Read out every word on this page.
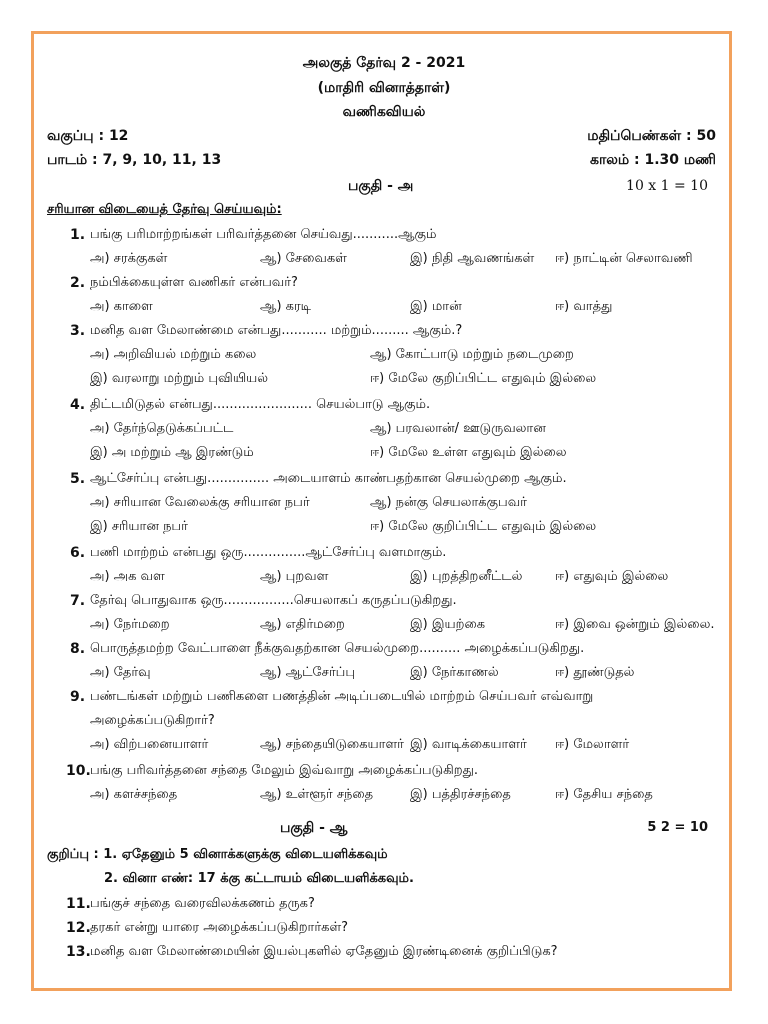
அலகுத் தேர்வு 2 - 2021
(மாதிரி வினாத்தாள்)
வணிகவியல்
வகுப்பு : 12	மதிப்பெண்கள் : 50
பாடம் : 7, 9, 10, 11, 13	காலம் : 1.30 மணி
பகுதி - அ	10 x 1 = 10
சரியான விடையைத் தேர்வு செய்யவும்:
1. பங்கு பரிமாற்றங்கள் பரிவர்த்தனை செய்வது...........ஆகும்
அ) சரக்குகள்	ஆ) சேவைகள்	இ) நிதி ஆவணங்கள் ஈ) நாட்டின் செலாவணி
2. நம்பிக்கையுள்ள வணிகர் என்பவர்?
அ) காளை	ஆ) கரடி	இ) மான்	ஈ) வாத்து
3. மனித வள மேலாண்மை என்பது........... மற்றும்......... ஆகும்.?
அ) அறிவியல் மற்றும் கலை	ஆ) கோட்பாடு மற்றும் நடைமுறை
இ) வரலாறு மற்றும் புவியியல்	ஈ) மேலே குறிப்பிட்ட எதுவும் இல்லை
4. திட்டமிடுதல் என்பது........................ செயல்பாடு ஆகும்.
அ) தேர்ந்தெடுக்கப்பட்ட	ஆ) பரவலான்/ ஊடுருவலான
இ) அ மற்றும் ஆ இரண்டும்	ஈ) மேலே உள்ள எதுவும் இல்லை
5. ஆட்சேர்ப்பு என்பது............... அடையாளம் காண்பதற்கான செயல்முறை ஆகும்.
அ) சரியான வேலைக்கு சரியான நபர்	ஆ) நன்கு செயலாக்குபவர்
இ) சரியான நபர்	ஈ) மேலே குறிப்பிட்ட எதுவும் இல்லை
6. பணி மாற்றம் என்பது ஒரு...............ஆட்சேர்ப்பு வளமாகும்.
அ) அக வள	ஆ) புறவள	இ) புறத்திறனீட்டல்	ஈ) எதுவும் இல்லை
7. தேர்வு பொதுவாக ஒரு.................செயலாகப் கருதப்படுகிறது.
அ) நேர்மறை	ஆ) எதிர்மறை	இ) இயற்கை	ஈ) இவை ஒன்றும் இல்லை.
8. பொருத்தமற்ற வேட்பாளை நீக்குவதற்கான செயல்முறை.......... அழைக்கப்படுகிறது.
அ) தேர்வு	ஆ) ஆட்சேர்ப்பு	இ) நேர்காணல்	ஈ) தூண்டுதல்
9. பண்டங்கள் மற்றும் பணிகளை பணத்தின் அடிப்படையில் மாற்றம் செய்பவர் எவ்வாறு
அழைக்கப்படுகிறார்?
அ) விற்பனையாளர்	ஆ) சந்தையிடுகையாளர் இ) வாடிக்கையாளர் ஈ) மேலாளர்
10. பங்கு பரிவர்த்தனை சந்தை மேலும் இவ்வாறு அழைக்கப்படுகிறது.
அ) களச்சந்தை	ஆ) உள்ளூர் சந்தை	இ) பத்திரச்சந்தை	ஈ) தேசிய சந்தை
பகுதி - ஆ	5 2 = 10
குறிப்பு : 1. ஏதேனும் 5 வினாக்களுக்கு விடையளிக்கவும்
2. வினா எண்: 17 க்கு கட்டாயம் விடையளிக்கவும்.
11. பங்குச் சந்தை வரைவிலக்கணம் தருக?
12. தரகர் என்று யாரை அழைக்கப்படுகிறார்கள்?
13. மனித வள மேலாண்மையின் இயல்புகளில் ஏதேனும் இரண்டினைக் குறிப்பிடுக?
